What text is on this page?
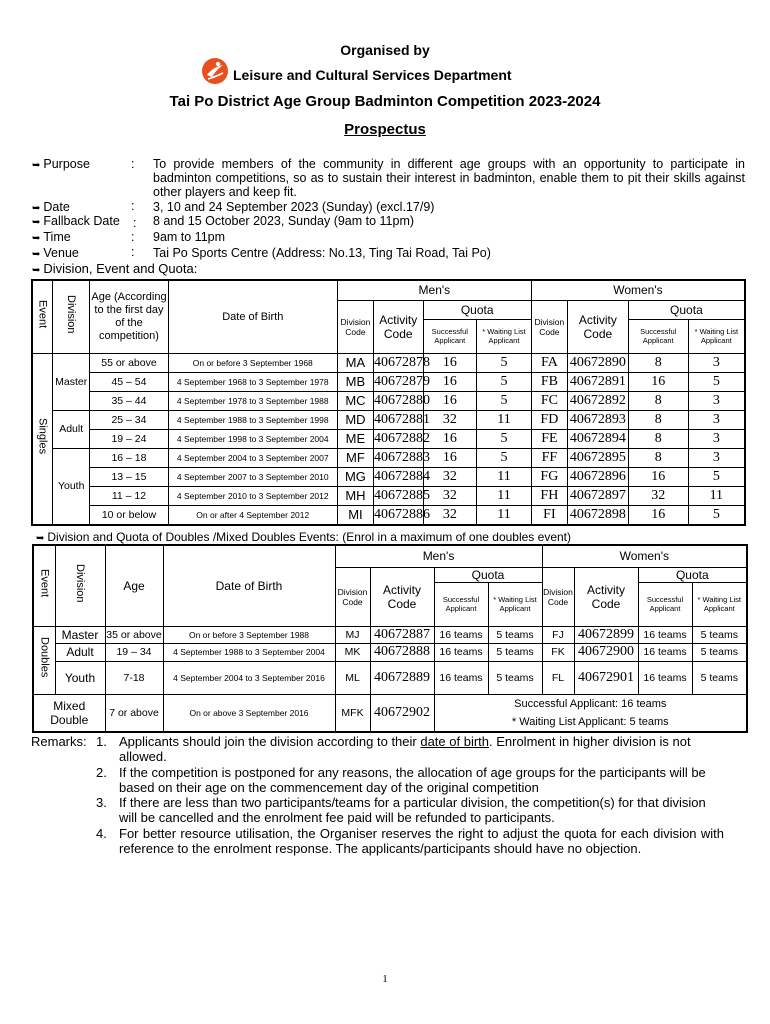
Organised by
Leisure and Cultural Services Department
Tai Po District Age Group Badminton Competition 2023-2024
Prospectus
➥ Purpose	: To provide members of the community in different age groups with an opportunity to participate in badminton competitions, so as to sustain their interest in badminton, enable them to pit their skills against other players and keep fit.
➥ Date	: 3, 10 and 24 September 2023 (Sunday) (excl.17/9)
➥ Fallback Date : 8 and 15 October 2023, Sunday (9am to 11pm)
➥ Time	: 9am to 11pm
➥ Venue	: Tai Po Sports Centre (Address: No.13, Ting Tai Road, Tai Po)
➥ Division, Event and Quota:
Event	Division	Age (According to the first day of the competition)	Date of Birth	Men's				Women's			
				Division Code	Activity Code	Quota		Division Code	Activity Code	Quota	
						Successful Applicant	* Waiting List Applicant			Successful Applicant	* Waiting List Applicant
Singles	Master	55 or above	On or before 3 September 1968	MA	40672878	16	5	FA	40672890	8	3
		45 – 54	4 September 1968 to 3 September 1978	MB	40672879	16	5	FB	40672891	16	5
		35 – 44	4 September 1978 to 3 September 1988	MC	40672880	16	5	FC	40672892	8	3
	Adult	25 – 34	4 September 1988 to 3 September 1998	MD	40672881	32	11	FD	40672893	8	3
		19 – 24	4 September 1998 to 3 September 2004	ME	40672882	16	5	FE	40672894	8	3
	Youth	16 – 18	4 September 2004 to 3 September 2007	MF	40672883	16	5	FF	40672895	8	3
		13 – 15	4 September 2007 to 3 September 2010	MG	40672884	32	11	FG	40672896	16	5
		11 – 12	4 September 2010 to 3 September 2012	MH	40672885	32	11	FH	40672897	32	11
		10 or below	On or after 4 September 2012	MI	40672886	32	11	FI	40672898	16	5
➥ Division and Quota of Doubles /Mixed Doubles Events: (Enrol in a maximum of one doubles event)
Event	Division	Age	Date of Birth	Men's				Women's			
				Division Code	Activity Code	Quota		Division Code	Activity Code	Quota	
						Successful Applicant	* Waiting List Applicant			Successful Applicant	* Waiting List Applicant
Doubles	Master	35 or above	On or before 3 September 1988	MJ	40672887	16 teams	5 teams	FJ	40672899	16 teams	5 teams
	Adult	19 – 34	4 September 1988 to 3 September 2004	MK	40672888	16 teams	5 teams	FK	40672900	16 teams	5 teams
	Youth	7-18	4 September 2004 to 3 September 2016	ML	40672889	16 teams	5 teams	FL	40672901	16 teams	5 teams
Mixed Double		7 or above	On or above 3 September 2016	MFK	40672902	Successful Applicant: 16 teams
* Waiting List Applicant: 5 teams					
Remarks: 1. Applicants should join the division according to their date of birth. Enrolment in higher division is not allowed.
2. If the competition is postponed for any reasons, the allocation of age groups for the participants will be based on their age on the commencement day of the original competition
3. If there are less than two participants/teams for a particular division, the competition(s) for that division will be cancelled and the enrolment fee paid will be refunded to participants.
4. For better resource utilisation, the Organiser reserves the right to adjust the quota for each division with reference to the enrolment response. The applicants/participants should have no objection.
1
